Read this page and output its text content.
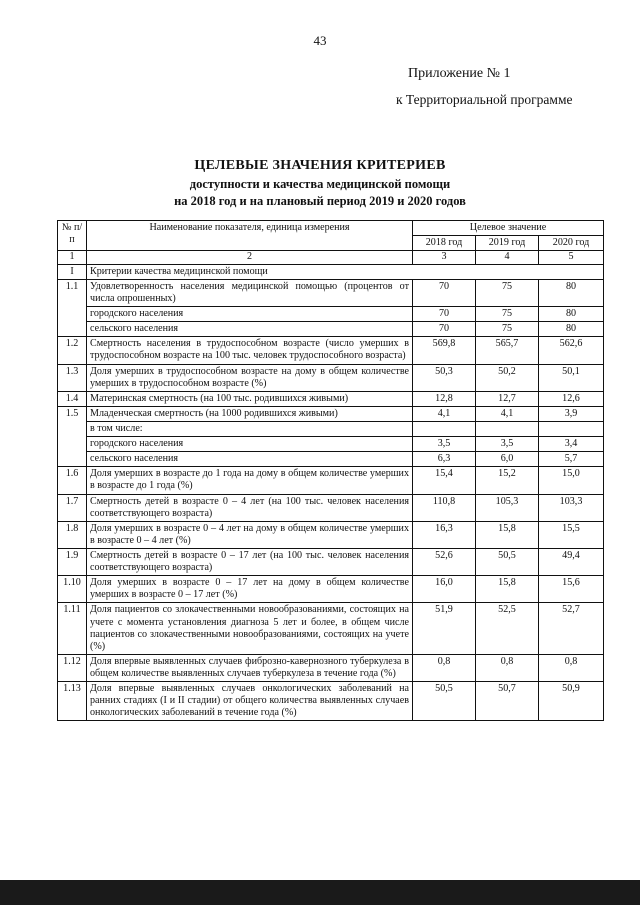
43
Приложение № 1
к Территориальной программе
ЦЕЛЕВЫЕ ЗНАЧЕНИЯ КРИТЕРИЕВ
доступности и качества медицинской помощи
на 2018 год и на плановый период 2019 и 2020 годов
№ п/п	Наименование показателя, единица измерения	Целевое значение		
		2018 год	2019 год	2020 год
1	2	3	4	5
I	Критерии качества медицинской помощи			
1.1	Удовлетворенность населения медицинской помощью (процентов от числа опрошенных)	70	75	80
	городского населения	70	75	80
	сельского населения	70	75	80
1.2	Смертность населения в трудоспособном возрасте (число умерших в трудоспособном возрасте на 100 тыс. человек трудоспособного возраста)	569,8	565,7	562,6
1.3	Доля умерших в трудоспособном возрасте на дому в общем количестве умерших в трудоспособном возрасте (%)	50,3	50,2	50,1
1.4	Материнская смертность (на 100 тыс. родившихся живыми)	12,8	12,7	12,6
1.5	Младенческая смертность (на 1000 родившихся живыми)	4,1	4,1	3,9
	в том числе:			
	городского населения	3,5	3,5	3,4
	сельского населения	6,3	6,0	5,7
1.6	Доля умерших в возрасте до 1 года на дому в общем количестве умерших в возрасте до 1 года (%)	15,4	15,2	15,0
1.7	Смертность детей в возрасте 0 – 4 лет (на 100 тыс. человек населения соответствующего возраста)	110,8	105,3	103,3
1.8	Доля умерших в возрасте 0 – 4 лет на дому в общем количестве умерших в возрасте 0 – 4 лет (%)	16,3	15,8	15,5
1.9	Смертность детей в возрасте 0 – 17 лет (на 100 тыс. человек населения соответствующего возраста)	52,6	50,5	49,4
1.10	Доля умерших в возрасте 0 – 17 лет на дому в общем количестве умерших в возрасте 0 – 17 лет (%)	16,0	15,8	15,6
1.11	Доля пациентов со злокачественными новообразованиями, состоящих на учете с момента установления диагноза 5 лет и более, в общем числе пациентов со злокачественными новообразованиями, состоящих на учете (%)	51,9	52,5	52,7
1.12	Доля впервые выявленных случаев фиброзно-кавернозного туберкулеза в общем количестве выявленных случаев туберкулеза в течение года (%)	0,8	0,8	0,8
1.13	Доля впервые выявленных случаев онкологических заболеваний на ранних стадиях (I и II стадии) от общего количества выявленных случаев онкологических заболеваний в течение года (%)	50,5	50,7	50,9
